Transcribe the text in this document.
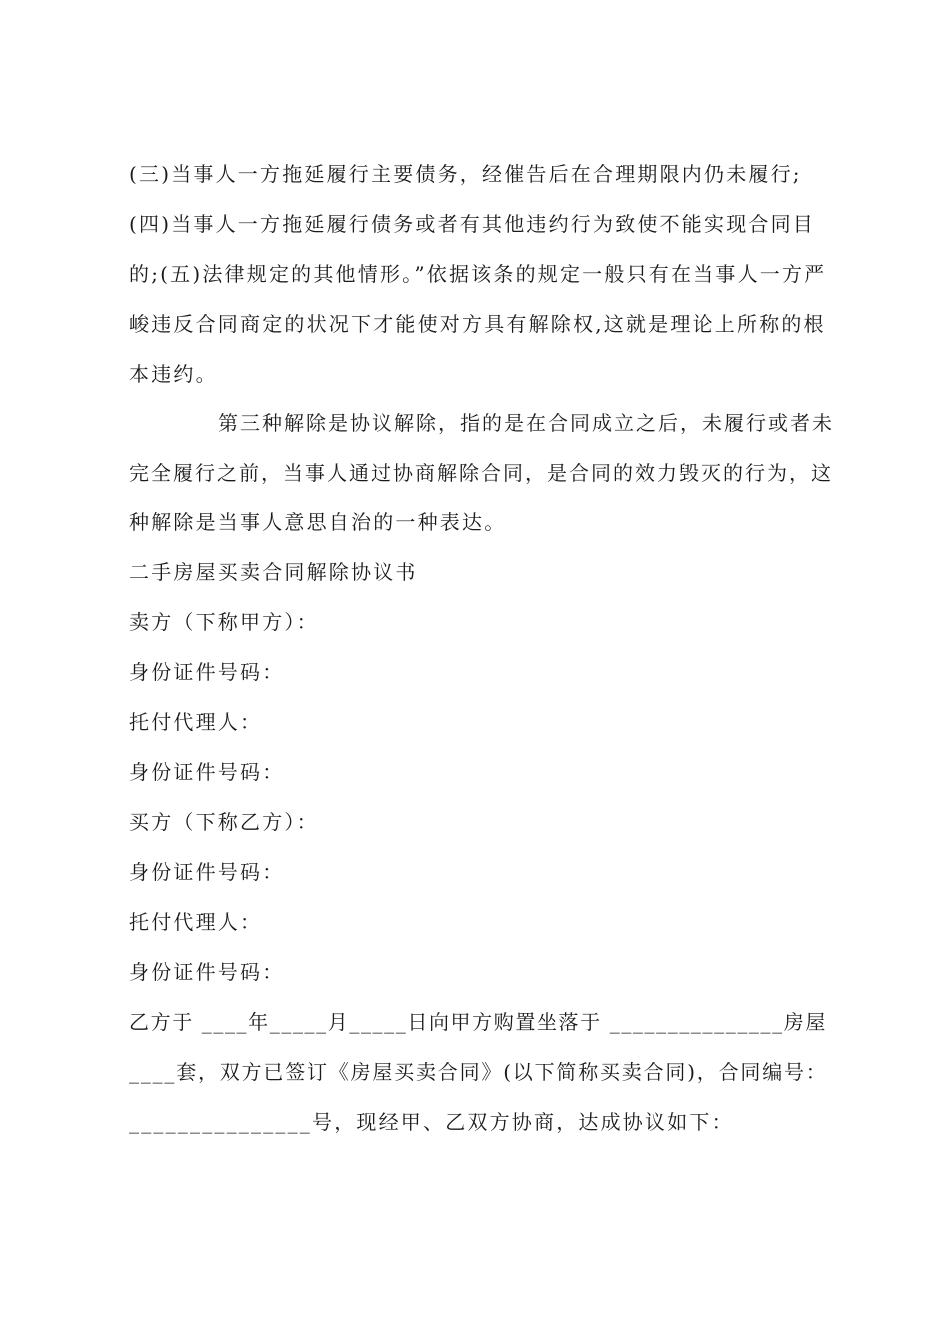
(三)当事人一方拖延履行主要债务，经催告后在合理期限内仍未履行;
(四)当事人一方拖延履行债务或者有其他违约行为致使不能实现合同目
的;(五)法律规定的其他情形。”依据该条的规定一般只有在当事人一方严
峻违反合同商定的状况下才能使对方具有解除权,这就是理论上所称的根
本违约。
第三种解除是协议解除，指的是在合同成立之后，未履行或者未
完全履行之前，当事人通过协商解除合同，是合同的效力毁灭的行为，这
种解除是当事人意思自治的一种表达。
二手房屋买卖合同解除协议书
卖方（下称甲方）：
身份证件号码：
托付代理人：
身份证件号码：
买方（下称乙方）：
身份证件号码：
托付代理人：
身份证件号码：
乙方于 ____年_____月_____日向甲方购置坐落于 _______________房屋
____套，双方已签订《房屋买卖合同》(以下简称买卖合同)，合同编号：
_______________号，现经甲、乙双方协商，达成协议如下：
